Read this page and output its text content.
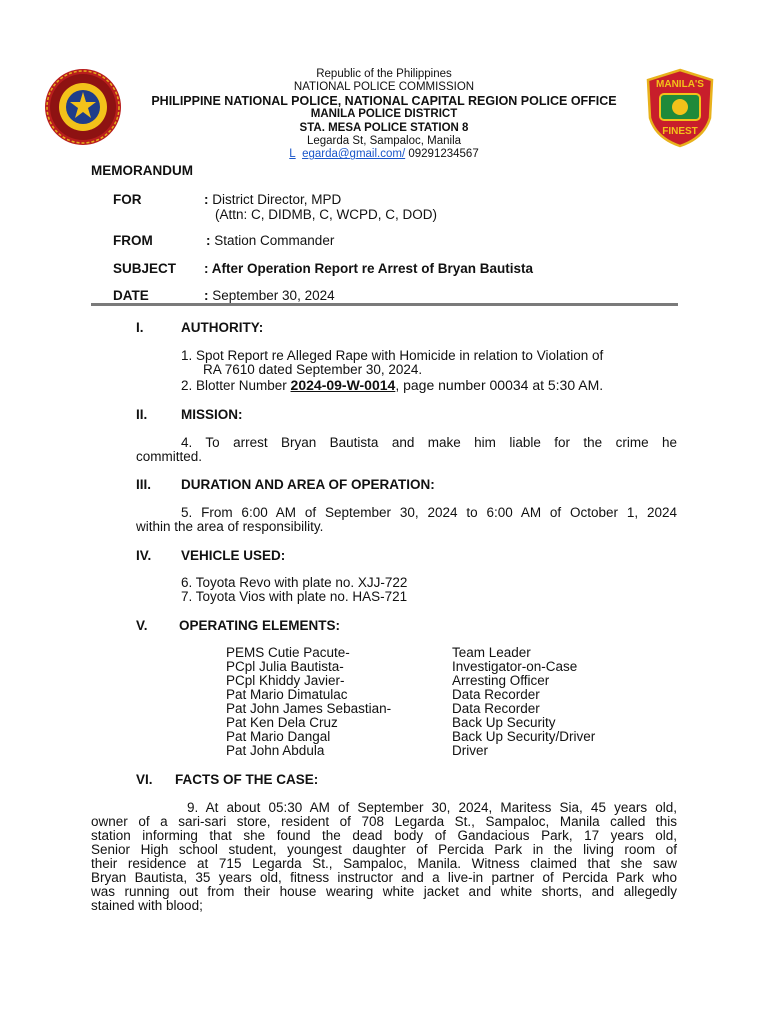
MANILA'S
FINEST
Republic of the Philippines
NATIONAL POLICE COMMISSION
PHILIPPINE NATIONAL POLICE, NATIONAL CAPITAL REGION POLICE OFFICE
MANILA POLICE DISTRICT
STA. MESA POLICE STATION 8
Legarda St, Sampaloc, Manila
L egarda@gmail.com/ 09291234567
MEMORANDUM
FOR	: District Director, MPD
(Attn: C, DIDMB, C, WCPD, C, DOD)
FROM	: Station Commander
SUBJECT : After Operation Report re Arrest of Bryan Bautista
DATE	: September 30, 2024
I.	AUTHORITY:
1. Spot Report re Alleged Rape with Homicide in relation to Violation of
RA 7610 dated September 30, 2024.
2. Blotter Number 2024-09-W-0014, page number 00034 at 5:30 AM.
II. MISSION:
4. To arrest Bryan Bautista and make him liable for the crime he
committed.
III. DURATION AND AREA OF OPERATION:
5. From 6:00 AM of September 30, 2024 to 6:00 AM of October 1, 2024
within the area of responsibility.
IV. VEHICLE USED:
6. Toyota Revo with plate no. XJJ-722
7. Toyota Vios with plate no. HAS-721
V. OPERATING ELEMENTS:
PEMS Cutie Pacute-	Team Leader
PCpl Julia Bautista-	Investigator-on-Case
PCpl Khiddy Javier-	Arresting Officer
Pat Mario Dimatulac	Data Recorder
Pat John James Sebastian-	Data Recorder
Pat Ken Dela Cruz	Back Up Security
Pat Mario Dangal	Back Up Security/Driver
Pat John Abdula	Driver
VI. FACTS OF THE CASE:
9. At about 05:30 AM of September 30, 2024, Maritess Sia, 45 years old,
owner of a sari-sari store, resident of 708 Legarda St., Sampaloc, Manila called this
station informing that she found the dead body of Gandacious Park, 17 years old,
Senior High school student, youngest daughter of Percida Park in the living room of
their residence at 715 Legarda St., Sampaloc, Manila. Witness claimed that she saw
Bryan Bautista, 35 years old, fitness instructor and a live-in partner of Percida Park who
was running out from their house wearing white jacket and white shorts, and allegedly
stained with blood;
